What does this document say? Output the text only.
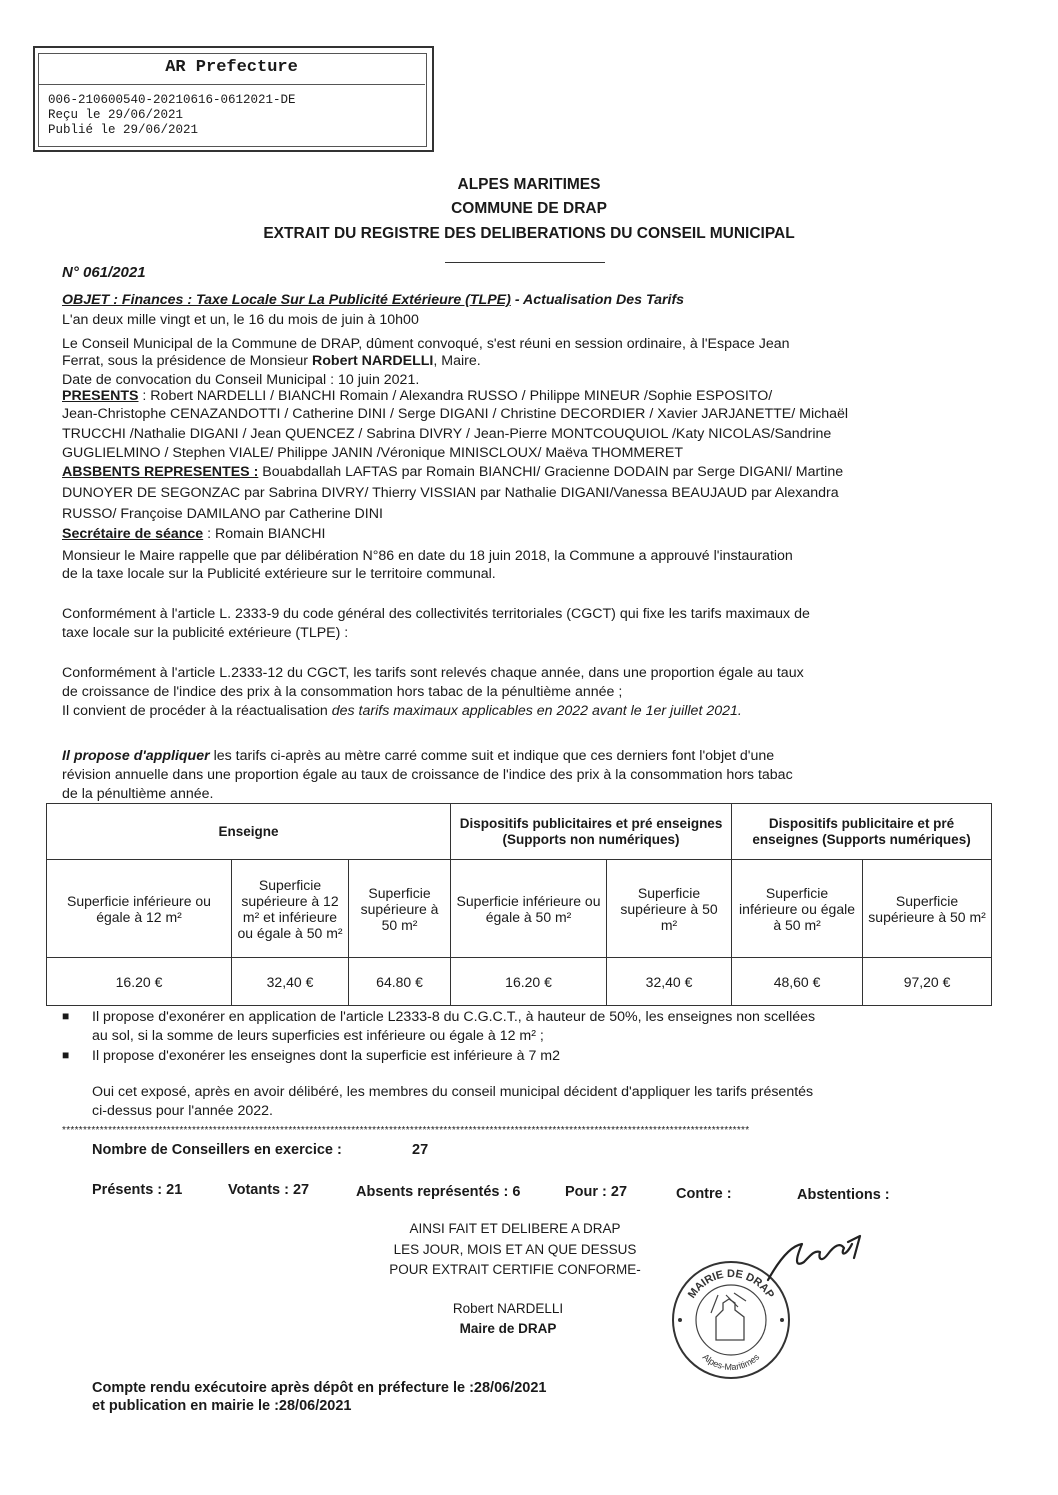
AR Prefecture
006-210600540-20210616-0612021-DE
Reçu le 29/06/2021
Publié le 29/06/2021
ALPES MARITIMES
COMMUNE DE DRAP
EXTRAIT DU REGISTRE DES DELIBERATIONS DU CONSEIL MUNICIPAL
N° 061/2021
OBJET : Finances : Taxe Locale Sur La Publicité Extérieure (TLPE) - Actualisation Des Tarifs
L'an deux mille vingt et un, le 16 du mois de juin à 10h00
Le Conseil Municipal de la Commune de DRAP, dûment convoqué, s'est réuni en session ordinaire, à l'Espace Jean
Ferrat, sous la présidence de Monsieur Robert NARDELLI, Maire.
Date de convocation du Conseil Municipal : 10 juin 2021.
PRESENTS : Robert NARDELLI / BIANCHI Romain / Alexandra RUSSO / Philippe MINEUR /Sophie ESPOSITO/
Jean-Christophe CENAZANDOTTI / Catherine DINI / Serge DIGANI / Christine DECORDIER / Xavier JARJANETTE/ Michaël
TRUCCHI /Nathalie DIGANI / Jean QUENCEZ / Sabrina DIVRY / Jean-Pierre MONTCOUQUIOL /Katy NICOLAS/Sandrine
GUGLIELMINO / Stephen VIALE/ Philippe JANIN /Véronique MINISCLOUX/ Maëva THOMMERET
ABSBENTS REPRESENTES : Bouabdallah LAFTAS par Romain BIANCHI/ Gracienne DODAIN par Serge DIGANI/ Martine
DUNOYER DE SEGONZAC par Sabrina DIVRY/ Thierry VISSIAN par Nathalie DIGANI/Vanessa BEAUJAUD par Alexandra
RUSSO/ Françoise DAMILANO par Catherine DINI
Secrétaire de séance : Romain BIANCHI
Monsieur le Maire rappelle que par délibération N°86 en date du 18 juin 2018, la Commune a approuvé l'instauration
de la taxe locale sur la Publicité extérieure sur le territoire communal.
Conformément à l'article L. 2333-9 du code général des collectivités territoriales (CGCT) qui fixe les tarifs maximaux de
taxe locale sur la publicité extérieure (TLPE) :
Conformément à l'article L.2333-12 du CGCT, les tarifs sont relevés chaque année, dans une proportion égale au taux
de croissance de l'indice des prix à la consommation hors tabac de la pénultième année ;
Il convient de procéder à la réactualisation des tarifs maximaux applicables en 2022 avant le 1er juillet 2021.
Il propose d'appliquer les tarifs ci-après au mètre carré comme suit et indique que ces derniers font l'objet d'une
révision annuelle dans une proportion égale au taux de croissance de l'indice des prix à la consommation hors tabac
de la pénultième année.
Enseigne			Dispositifs publicitaires et pré enseignes (Supports non numériques)		Dispositifs publicitaire et pré enseignes (Supports numériques)	
Superficie inférieure ou égale à 12 m²	Superficie supérieure à 12 m² et inférieure ou égale à 50 m²	Superficie supérieure à 50 m²	Superficie inférieure ou égale à 50 m²	Superficie supérieure à 50 m²	Superficie inférieure ou égale à 50 m²	Superficie supérieure à 50 m²
16.20 €	32,40 €	64.80 €	16.20 €	32,40 €	48,60 €	97,20 €
■ Il propose d'exonérer en application de l'article L2333-8 du C.G.C.T., à hauteur de 50%, les enseignes non scellées
au sol, si la somme de leurs superficies est inférieure ou égale à 12 m² ;
■ Il propose d'exonérer les enseignes dont la superficie est inférieure à 7 m2
Oui cet exposé, après en avoir délibéré, les membres du conseil municipal décident d'appliquer les tarifs présentés
ci-dessus pour l'année 2022.
********************************************************************************************************************************************************************
Nombre de Conseillers en exercice :	27
Présents : 21	Votants : 27	Absents représentés : 6	Pour : 27	Contre :	Abstentions :
AINSI FAIT ET DELIBERE A DRAP
LES JOUR, MOIS ET AN QUE DESSUS
POUR EXTRAIT CERTIFIE CONFORME-
Robert NARDELLI
Maire de DRAP
MAIRIE DE DRAP
Alpes-Maritimes
Compte rendu exécutoire après dépôt en préfecture le :28/06/2021
et publication en mairie le :28/06/2021
